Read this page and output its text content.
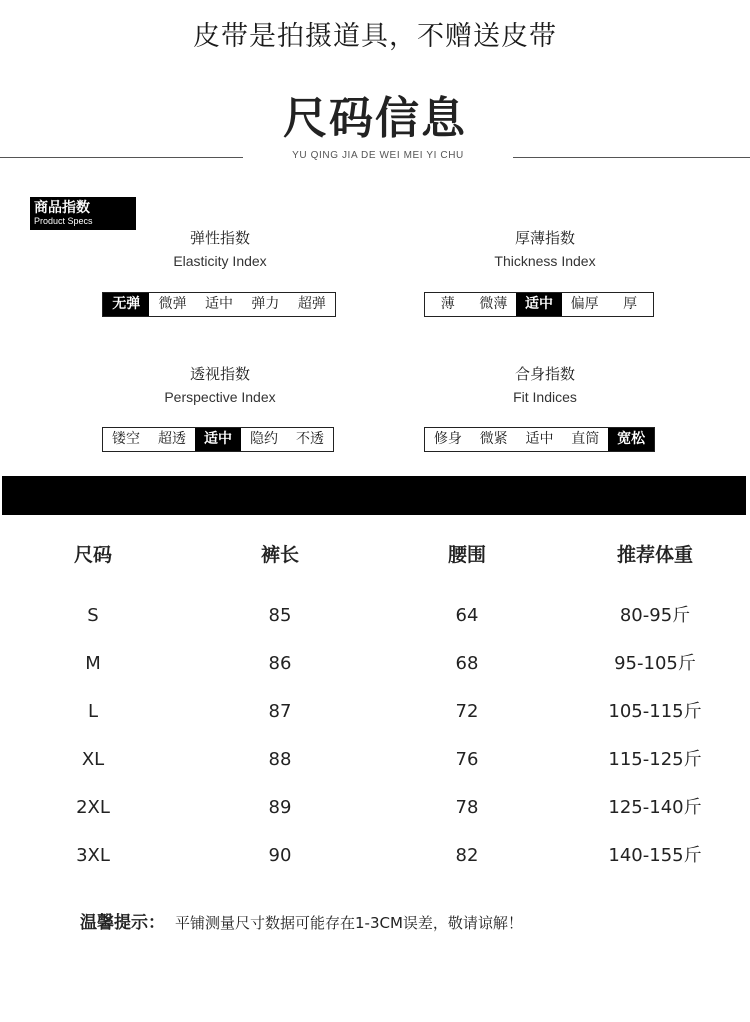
皮带是拍摄道具，不赠送皮带
尺码信息
YU QING JIA DE WEI MEI YI CHU
商品指数
Product Specs
弹性指数
Elasticity Index
无弹	微弹	适中	弹力	超弹
厚薄指数
Thickness Index
薄	微薄	适中	偏厚	厚
透视指数
Perspective Index
镂空	超透	适中	隐约	不透
合身指数
Fit Indices
修身	微紧	适中	直筒	宽松
尺码	裤长	腰围	推荐体重
S	85	64	80-95斤
M	86	68	95-105斤
L	87	72	105-115斤
XL	88	76	115-125斤
2XL	89	78	125-140斤
3XL	90	82	140-155斤
温馨提示： 平铺测量尺寸数据可能存在1-3CM误差，敬请谅解！
